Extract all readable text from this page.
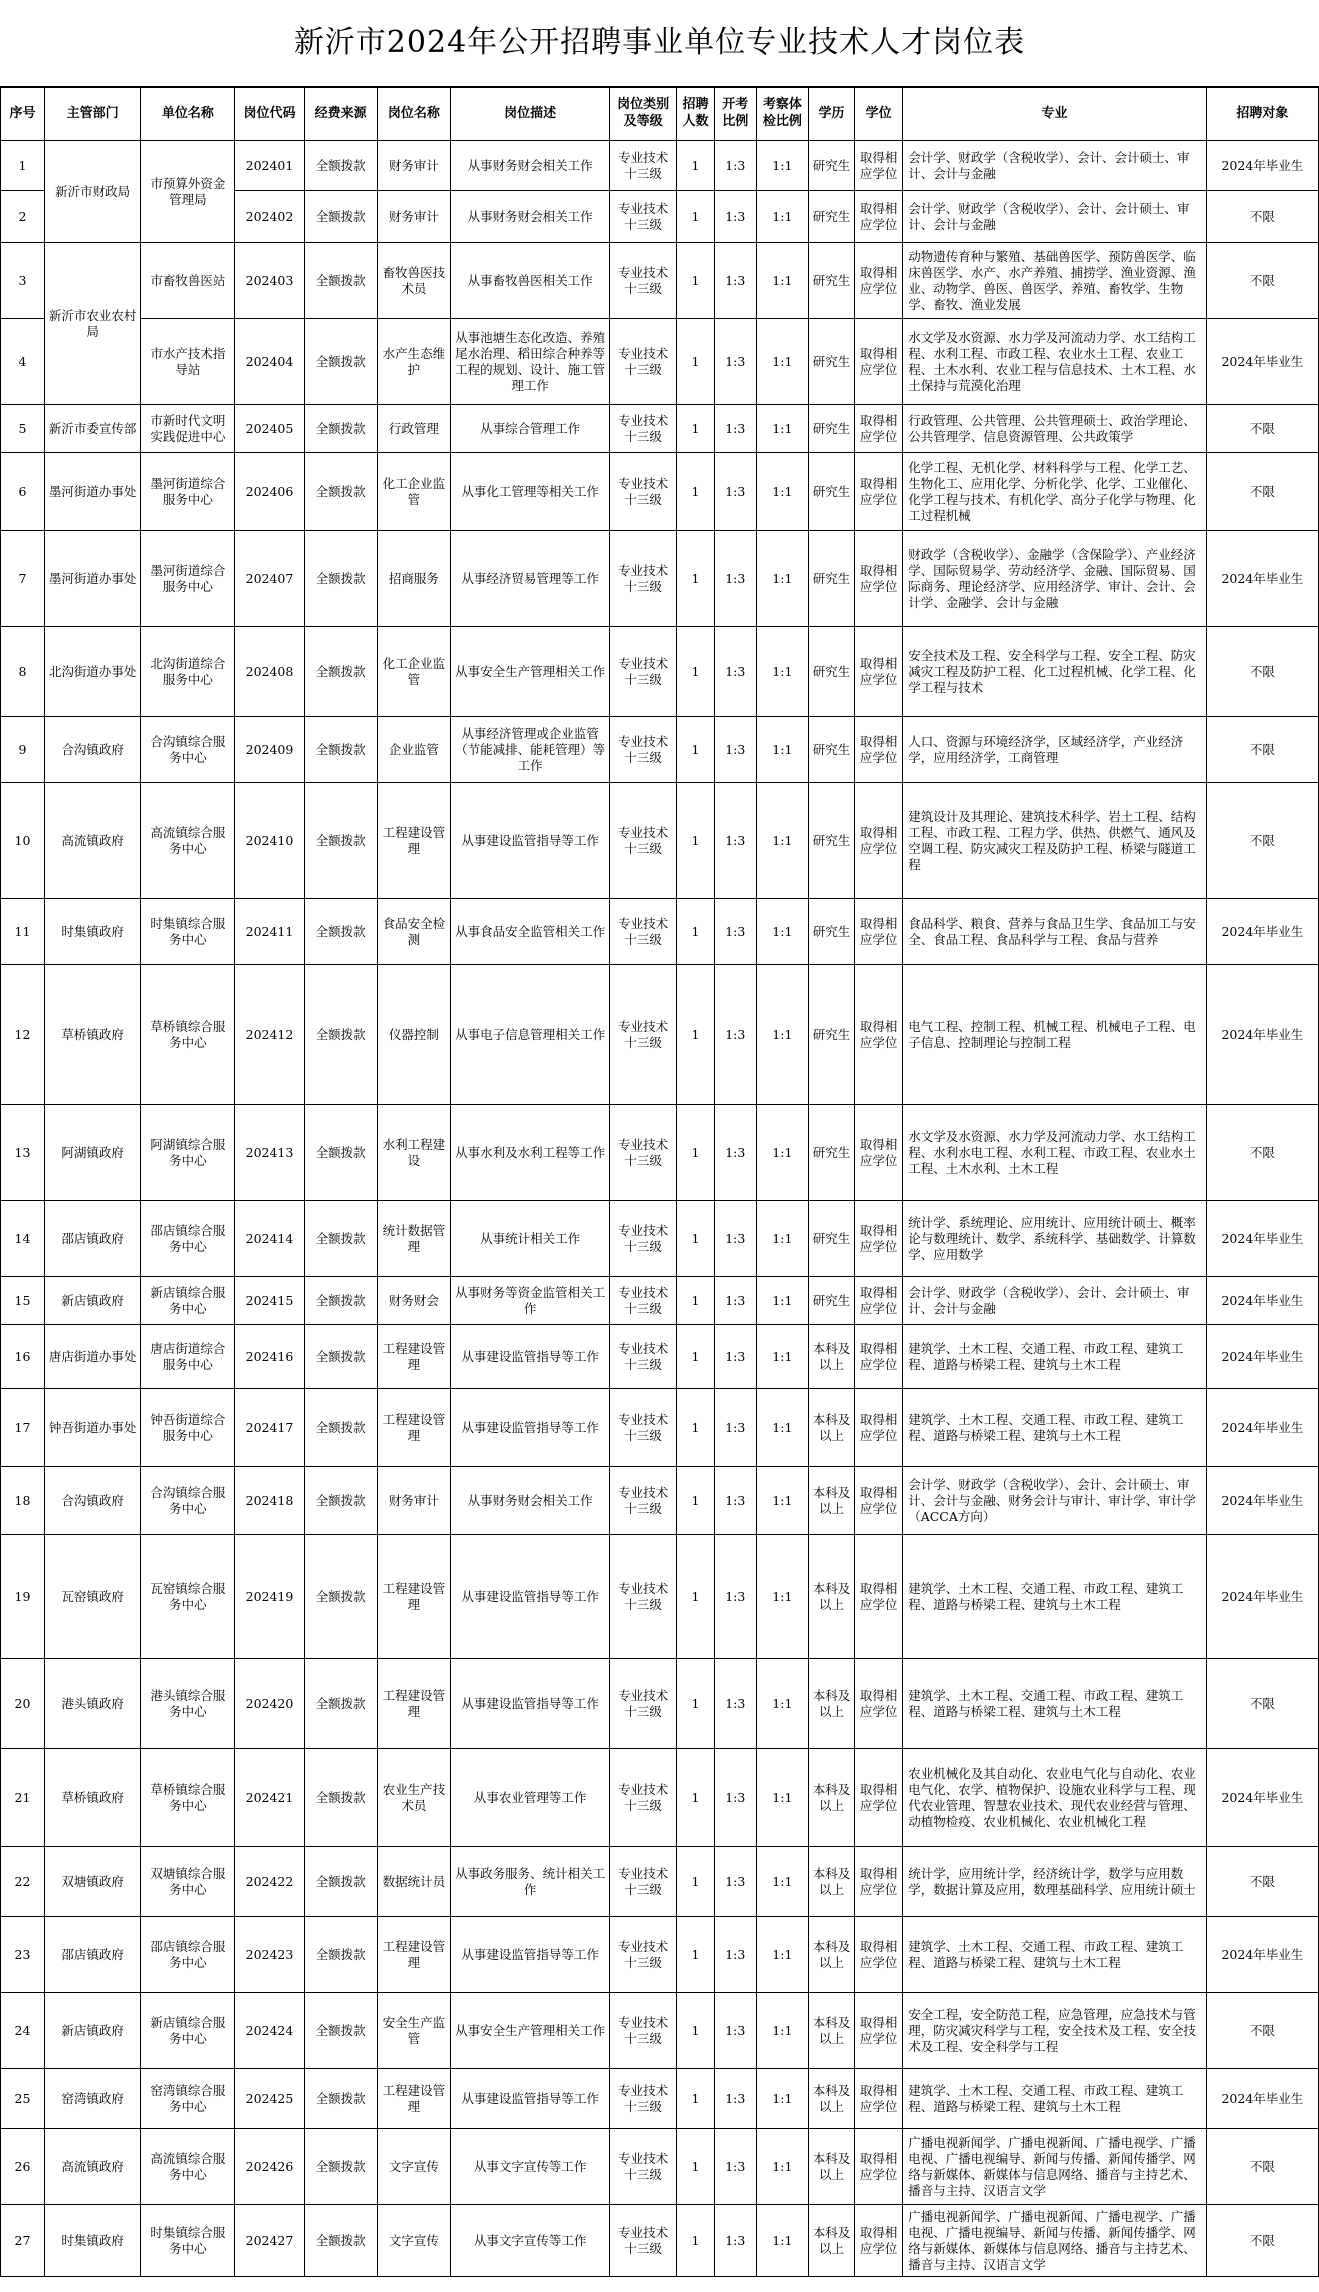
新沂市2024年公开招聘事业单位专业技术人才岗位表
序号	主管部门	单位名称	岗位代码	经费来源	岗位名称	岗位描述	岗位类别及等级	招聘人数	开考比例	考察体检比例	学历	学位	专业	招聘对象
1	新沂市财政局	市预算外资金管理局	202401	全额拨款	财务审计	从事财务财会相关工作	专业技术十三级	1	1:3	1:1	研究生	取得相应学位	会计学、财政学（含税收学）、会计、会计硕士、审计、会计与金融	2024年毕业生
2			202402	全额拨款	财务审计	从事财务财会相关工作	专业技术十三级	1	1:3	1:1	研究生	取得相应学位	会计学、财政学（含税收学）、会计、会计硕士、审计、会计与金融	不限
3	新沂市农业农村局	市畜牧兽医站	202403	全额拨款	畜牧兽医技术员	从事畜牧兽医相关工作	专业技术十三级	1	1:3	1:1	研究生	取得相应学位	动物遗传育种与繁殖、基础兽医学、预防兽医学、临床兽医学、水产、水产养殖、捕捞学、渔业资源、渔业、动物学、兽医、兽医学、养殖、畜牧学、生物学、畜牧、渔业发展	不限
4		市水产技术指导站	202404	全额拨款	水产生态维护	从事池塘生态化改造、养殖尾水治理、稻田综合种养等工程的规划、设计、施工管理工作	专业技术十三级	1	1:3	1:1	研究生	取得相应学位	水文学及水资源、水力学及河流动力学、水工结构工程、水利工程、市政工程、农业水土工程、农业工程、土木水利、农业工程与信息技术、土木工程、水土保持与荒漠化治理	2024年毕业生
5	新沂市委宣传部	市新时代文明实践促进中心	202405	全额拨款	行政管理	从事综合管理工作	专业技术十三级	1	1:3	1:1	研究生	取得相应学位	行政管理、公共管理、公共管理硕士、政治学理论、公共管理学、信息资源管理、公共政策学	不限
6	墨河街道办事处	墨河街道综合服务中心	202406	全额拨款	化工企业监管	从事化工管理等相关工作	专业技术十三级	1	1:3	1:1	研究生	取得相应学位	化学工程、无机化学、材料科学与工程、化学工艺、生物化工、应用化学、分析化学、化学、工业催化、化学工程与技术、有机化学、高分子化学与物理、化工过程机械	不限
7	墨河街道办事处	墨河街道综合服务中心	202407	全额拨款	招商服务	从事经济贸易管理等工作	专业技术十三级	1	1:3	1:1	研究生	取得相应学位	财政学（含税收学）、金融学（含保险学）、产业经济学、国际贸易学、劳动经济学、金融、国际贸易、国际商务、理论经济学、应用经济学、审计、会计、会计学、金融学、会计与金融	2024年毕业生
8	北沟街道办事处	北沟街道综合服务中心	202408	全额拨款	化工企业监管	从事安全生产管理相关工作	专业技术十三级	1	1:3	1:1	研究生	取得相应学位	安全技术及工程、安全科学与工程、安全工程、防灾减灾工程及防护工程、化工过程机械、化学工程、化学工程与技术	不限
9	合沟镇政府	合沟镇综合服务中心	202409	全额拨款	企业监管	从事经济管理或企业监管（节能减排、能耗管理）等工作	专业技术十三级	1	1:3	1:1	研究生	取得相应学位	人口、资源与环境经济学，区域经济学，产业经济学，应用经济学，工商管理	不限
10	高流镇政府	高流镇综合服务中心	202410	全额拨款	工程建设管理	从事建设监管指导等工作	专业技术十三级	1	1:3	1:1	研究生	取得相应学位	建筑设计及其理论、建筑技术科学、岩土工程、结构工程、市政工程、工程力学、供热、供燃气、通风及空调工程、防灾减灾工程及防护工程、桥梁与隧道工程	不限
11	时集镇政府	时集镇综合服务中心	202411	全额拨款	食品安全检测	从事食品安全监管相关工作	专业技术十三级	1	1:3	1:1	研究生	取得相应学位	食品科学、粮食、营养与食品卫生学、食品加工与安全、食品工程、食品科学与工程、食品与营养	2024年毕业生
12	草桥镇政府	草桥镇综合服务中心	202412	全额拨款	仪器控制	从事电子信息管理相关工作	专业技术十三级	1	1:3	1:1	研究生	取得相应学位	电气工程、控制工程、机械工程、机械电子工程、电子信息、控制理论与控制工程	2024年毕业生
13	阿湖镇政府	阿湖镇综合服务中心	202413	全额拨款	水利工程建设	从事水利及水利工程等工作	专业技术十三级	1	1:3	1:1	研究生	取得相应学位	水文学及水资源、水力学及河流动力学、水工结构工程、水利水电工程、水利工程、市政工程、农业水土工程、土木水利、土木工程	不限
14	邵店镇政府	邵店镇综合服务中心	202414	全额拨款	统计数据管理	从事统计相关工作	专业技术十三级	1	1:3	1:1	研究生	取得相应学位	统计学、系统理论、应用统计、应用统计硕士、概率论与数理统计、数学、系统科学、基础数学、计算数学、应用数学	2024年毕业生
15	新店镇政府	新店镇综合服务中心	202415	全额拨款	财务财会	从事财务等资金监管相关工作	专业技术十三级	1	1:3	1:1	研究生	取得相应学位	会计学、财政学（含税收学）、会计、会计硕士、审计、会计与金融	2024年毕业生
16	唐店街道办事处	唐店街道综合服务中心	202416	全额拨款	工程建设管理	从事建设监管指导等工作	专业技术十三级	1	1:3	1:1	本科及以上	取得相应学位	建筑学、土木工程、交通工程、市政工程、建筑工程、道路与桥梁工程、建筑与土木工程	2024年毕业生
17	钟吾街道办事处	钟吾街道综合服务中心	202417	全额拨款	工程建设管理	从事建设监管指导等工作	专业技术十三级	1	1:3	1:1	本科及以上	取得相应学位	建筑学、土木工程、交通工程、市政工程、建筑工程、道路与桥梁工程、建筑与土木工程	2024年毕业生
18	合沟镇政府	合沟镇综合服务中心	202418	全额拨款	财务审计	从事财务财会相关工作	专业技术十三级	1	1:3	1:1	本科及以上	取得相应学位	会计学、财政学（含税收学）、会计、会计硕士、审计、会计与金融、财务会计与审计、审计学、审计学（ACCA方向）	2024年毕业生
19	瓦窑镇政府	瓦窑镇综合服务中心	202419	全额拨款	工程建设管理	从事建设监管指导等工作	专业技术十三级	1	1:3	1:1	本科及以上	取得相应学位	建筑学、土木工程、交通工程、市政工程、建筑工程、道路与桥梁工程、建筑与土木工程	2024年毕业生
20	港头镇政府	港头镇综合服务中心	202420	全额拨款	工程建设管理	从事建设监管指导等工作	专业技术十三级	1	1:3	1:1	本科及以上	取得相应学位	建筑学、土木工程、交通工程、市政工程、建筑工程、道路与桥梁工程、建筑与土木工程	不限
21	草桥镇政府	草桥镇综合服务中心	202421	全额拨款	农业生产技术员	从事农业管理等工作	专业技术十三级	1	1:3	1:1	本科及以上	取得相应学位	农业机械化及其自动化、农业电气化与自动化、农业电气化、农学、植物保护、设施农业科学与工程、现代农业管理、智慧农业技术、现代农业经营与管理、动植物检疫、农业机械化、农业机械化工程	2024年毕业生
22	双塘镇政府	双塘镇综合服务中心	202422	全额拨款	数据统计员	从事政务服务、统计相关工作	专业技术十三级	1	1:3	1:1	本科及以上	取得相应学位	统计学，应用统计学，经济统计学，数学与应用数学，数据计算及应用，数理基础科学、应用统计硕士	不限
23	邵店镇政府	邵店镇综合服务中心	202423	全额拨款	工程建设管理	从事建设监管指导等工作	专业技术十三级	1	1:3	1:1	本科及以上	取得相应学位	建筑学、土木工程、交通工程、市政工程、建筑工程、道路与桥梁工程、建筑与土木工程	2024年毕业生
24	新店镇政府	新店镇综合服务中心	202424	全额拨款	安全生产监管	从事安全生产管理相关工作	专业技术十三级	1	1:3	1:1	本科及以上	取得相应学位	安全工程，安全防范工程，应急管理，应急技术与管理，防灾减灾科学与工程，安全技术及工程、安全技术及工程、安全科学与工程	不限
25	窑湾镇政府	窑湾镇综合服务中心	202425	全额拨款	工程建设管理	从事建设监管指导等工作	专业技术十三级	1	1:3	1:1	本科及以上	取得相应学位	建筑学、土木工程、交通工程、市政工程、建筑工程、道路与桥梁工程、建筑与土木工程	2024年毕业生
26	高流镇政府	高流镇综合服务中心	202426	全额拨款	文字宣传	从事文字宣传等工作	专业技术十三级	1	1:3	1:1	本科及以上	取得相应学位	广播电视新闻学、广播电视新闻、广播电视学、广播电视、广播电视编导、新闻与传播、新闻传播学、网络与新媒体、新媒体与信息网络、播音与主持艺术、播音与主持、汉语言文学	不限
27	时集镇政府	时集镇综合服务中心	202427	全额拨款	文字宣传	从事文字宣传等工作	专业技术十三级	1	1:3	1:1	本科及以上	取得相应学位	广播电视新闻学、广播电视新闻、广播电视学、广播电视、广播电视编导、新闻与传播、新闻传播学、网络与新媒体、新媒体与信息网络、播音与主持艺术、播音与主持、汉语言文学	不限
